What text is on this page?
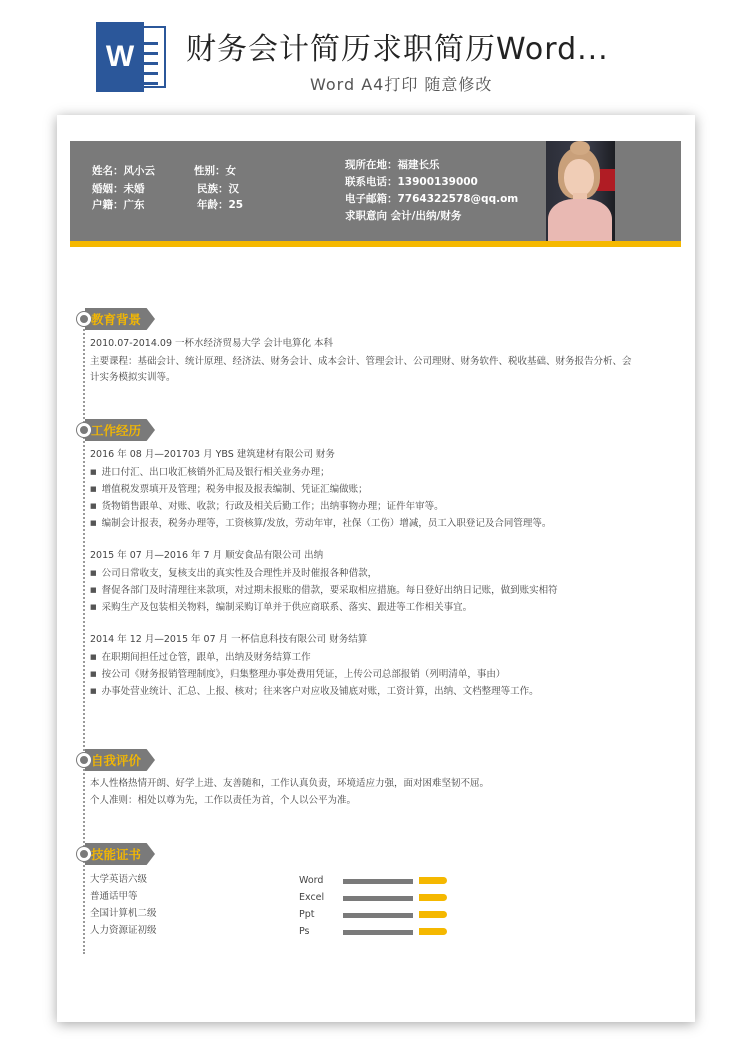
W	财务会计简历求职简历Word...
Word A4打印 随意修改
姓名：风小云	性别：女
婚姻：未婚	民族：汉
户籍：广东	年龄：25
现所在地：福建长乐
联系电话：13900139000
电子邮箱：7764322578@qq.om
求职意向 会计/出纳/财务
教育背景
2010.07-2014.09 一杯水经济贸易大学 会计电算化 本科
主要课程：基础会计、统计原理、经济法、财务会计、成本会计、管理会计、公司理财、财务软件、税收基础、财务报告分析、会
计实务模拟实训等。
工作经历
2016 年 08 月—201703 月 YBS 建筑建材有限公司 财务
■ 进口付汇、出口收汇核销外汇局及银行相关业务办理；
■ 增值税发票填开及管理；税务申报及报表编制、凭证汇编做账；
■ 货物销售跟单、对账、收款；行政及相关后勤工作；出纳事物办理；证件年审等。
■ 编制会计报表，税务办理等，工资核算/发放，劳动年审，社保（工伤）增减，员工入职登记及合同管理等。
2015 年 07 月—2016 年 7 月 顺安食品有限公司 出纳
■ 公司日常收支，复核支出的真实性及合理性并及时催报各种借款，
■ 督促各部门及时清理往来款项，对过期未报账的借款，要采取相应措施。每日登好出纳日记账，做到账实相符
■ 采购生产及包装相关物料，编制采购订单并于供应商联系、落实、跟进等工作相关事宜。
2014 年 12 月—2015 年 07 月 一杯信息科技有限公司 财务结算
■ 在职期间担任过仓管，跟单，出纳及财务结算工作
■ 按公司《财务报销管理制度》，归集整理办事处费用凭证，上传公司总部报销（列明清单，事由）
■ 办事处营业统计、汇总、上报、核对；往来客户对应收及铺底对账，工资计算，出纳、文档整理等工作。
自我评价
本人性格热情开朗、好学上进、友善随和，工作认真负责，环境适应力强，面对困难坚韧不屈。
个人准则：相处以尊为先，工作以责任为首，个人以公平为准。
技能证书
大学英语六级
普通话甲等
全国计算机二级
人力资源证初级
Word
Excel
Ppt
Ps
